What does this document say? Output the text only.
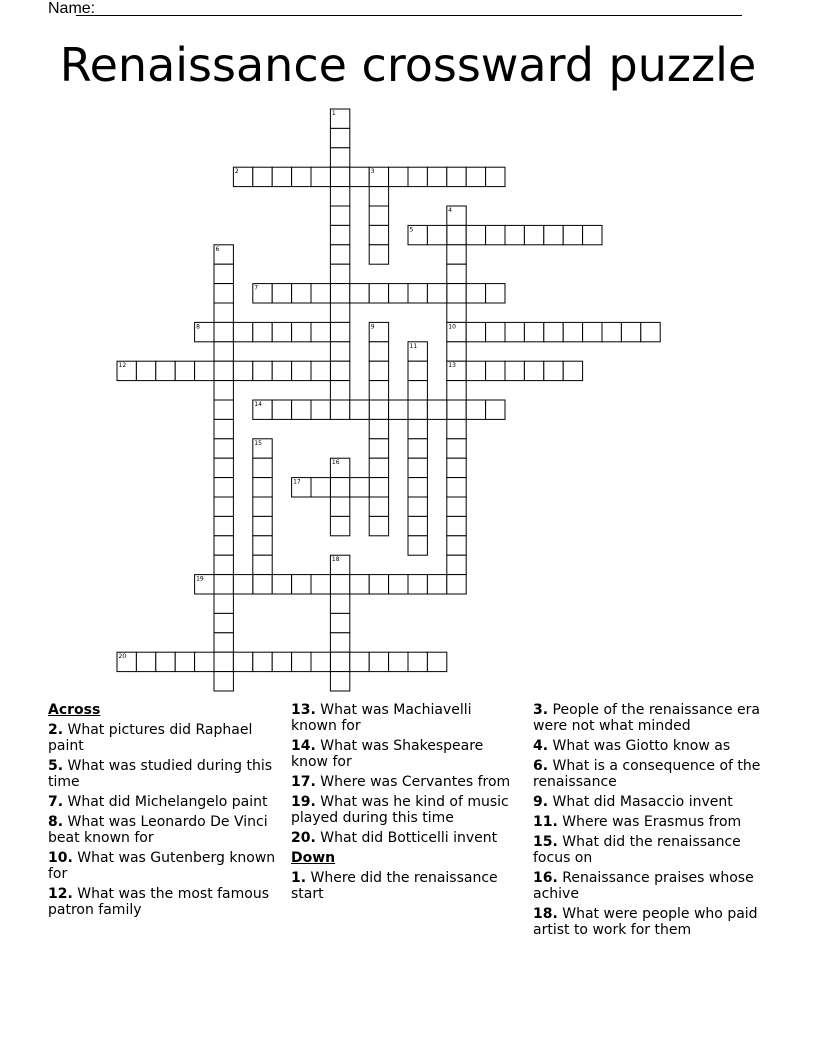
Name:
Renaissance crossward puzzle
1
2	3
4
5
6
7
8	9	10
11
12	13
14
15
16
17
18
19
20
Across
2. What pictures did Raphael paint
5. What was studied during this time
7. What did Michelangelo paint
8. What was Leonardo De Vinci beat known for
10. What was Gutenberg known for
12. What was the most famous patron family
13. What was Machiavelli known for
14. What was Shakespeare know for
17. Where was Cervantes from
19. What was he kind of music played during this time
20. What did Botticelli invent
Down
1. Where did the renaissance start
3. People of the renaissance era were not what minded
4. What was Giotto know as
6. What is a consequence of the renaissance
9. What did Masaccio invent
11. Where was Erasmus from
15. What did the renaissance focus on
16. Renaissance praises whose achive
18. What were people who paid artist to work for them
